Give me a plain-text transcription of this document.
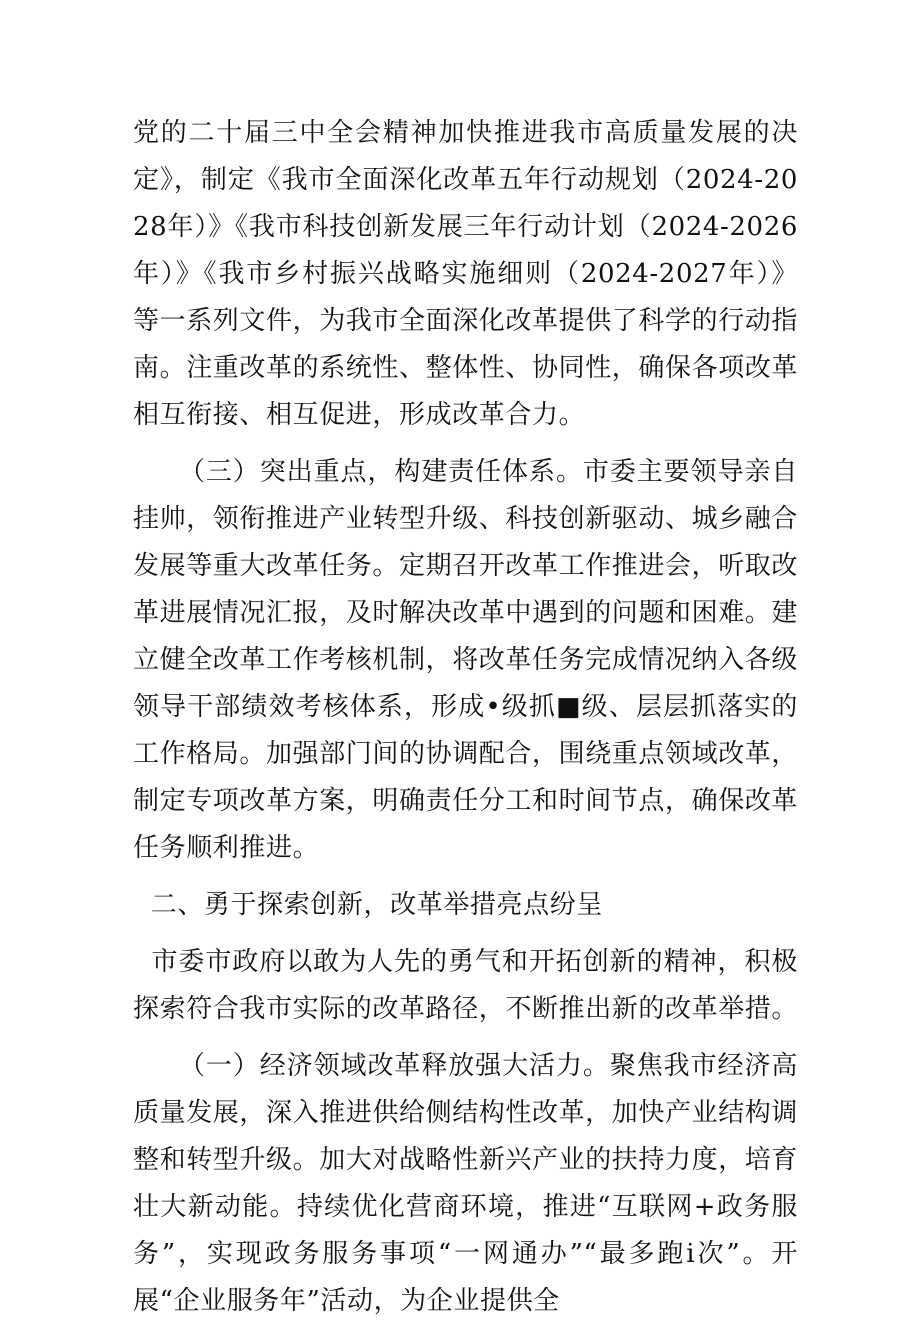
党的二十届三中全会精神加快推进我市高质量发展的决定》，制定《我市全面深化改革五年行动规划（2024-2028年）》《我市科技创新发展三年行动计划（2024-2026年）》《我市乡村振兴战略实施细则（2024-2027年）》等一系列文件，为我市全面深化改革提供了科学的行动指南。注重改革的系统性、整体性、协同性，确保各项改革相互衔接、相互促进，形成改革合力。

（三）突出重点，构建责任体系。市委主要领导亲自挂帅，领衔推进产业转型升级、科技创新驱动、城乡融合发展等重大改革任务。定期召开改革工作推进会，听取改革进展情况汇报，及时解决改革中遇到的问题和困难。建立健全改革工作考核机制，将改革任务完成情况纳入各级领导干部绩效考核体系，形成•级抓■级、层层抓落实的工作格局。加强部门间的协调配合，围绕重点领域改革，制定专项改革方案，明确责任分工和时间节点，确保改革任务顺利推进。

二、勇于探索创新，改革举措亮点纷呈

市委市政府以敢为人先的勇气和开拓创新的精神，积极探索符合我市实际的改革路径，不断推出新的改革举措。

（一）经济领域改革释放强大活力。聚焦我市经济高质量发展，深入推进供给侧结构性改革，加快产业结构调整和转型升级。加大对战略性新兴产业的扶持力度，培育壮大新动能。持续优化营商环境，推进“互联网+政务服务”，实现政务服务事项“一网通办”“最多跑i次”。开展“企业服务年”活动，为企业提供全
